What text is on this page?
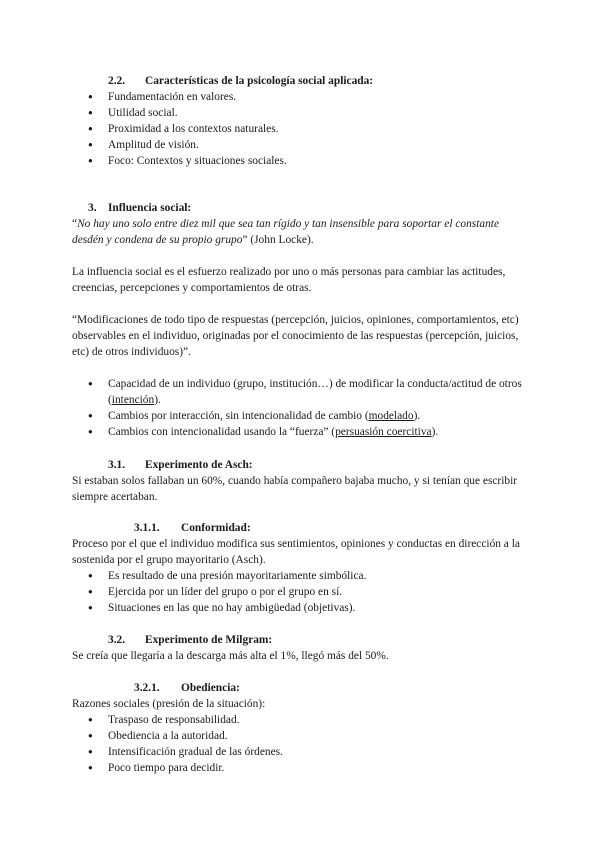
2.2. Características de la psicología social aplicada:
● Fundamentación en valores.
● Utilidad social.
● Proximidad a los contextos naturales.
● Amplitud de visión.
● Foco: Contextos y situaciones sociales.
3. Influencia social:

“No hay uno solo entre diez mil que sea tan rígido y tan insensible para soportar el constante desdén y condena de su propio grupo” (John Locke).

La influencia social es el esfuerzo realizado por uno o más personas para cambiar las actitudes, creencias, percepciones y comportamientos de otras.

“Modificaciones de todo tipo de respuestas (percepción, juicios, opiniones, comportamientos, etc) observables en el individuo, originadas por el conocimiento de las respuestas (percepción, juicios, etc) de otros individuos)”.

● Capacidad de un individuo (grupo, institución…) de modificar la conducta/actitud de otros (intención).
● Cambios por interacción, sin intencionalidad de cambio (modelado).
● Cambios con intencionalidad usando la “fuerza” (persuasión coercitiva).
3.1. Experimento de Asch:

Si estaban solos fallaban un 60%, cuando había compañero bajaba mucho, y si tenían que escribir siempre acertaban.

3.1.1. Conformidad:

Proceso por el que el individuo modifica sus sentimientos, opiniones y conductas en dirección a la sostenida por el grupo mayoritario (Asch).

● Es resultado de una presión mayoritariamente simbólica.
● Ejercida por un líder del grupo o por el grupo en sí.
● Situaciones en las que no hay ambigüedad (objetivas).
3.2. Experimento de Milgram:

Se creía que llegaría a la descarga más alta el 1%, llegó más del 50%.

3.2.1. Obediencia:

Razones sociales (presión de la situación):

● Traspaso de responsabilidad.
● Obediencia a la autoridad.
● Intensificación gradual de las órdenes.
● Poco tiempo para decidir.
